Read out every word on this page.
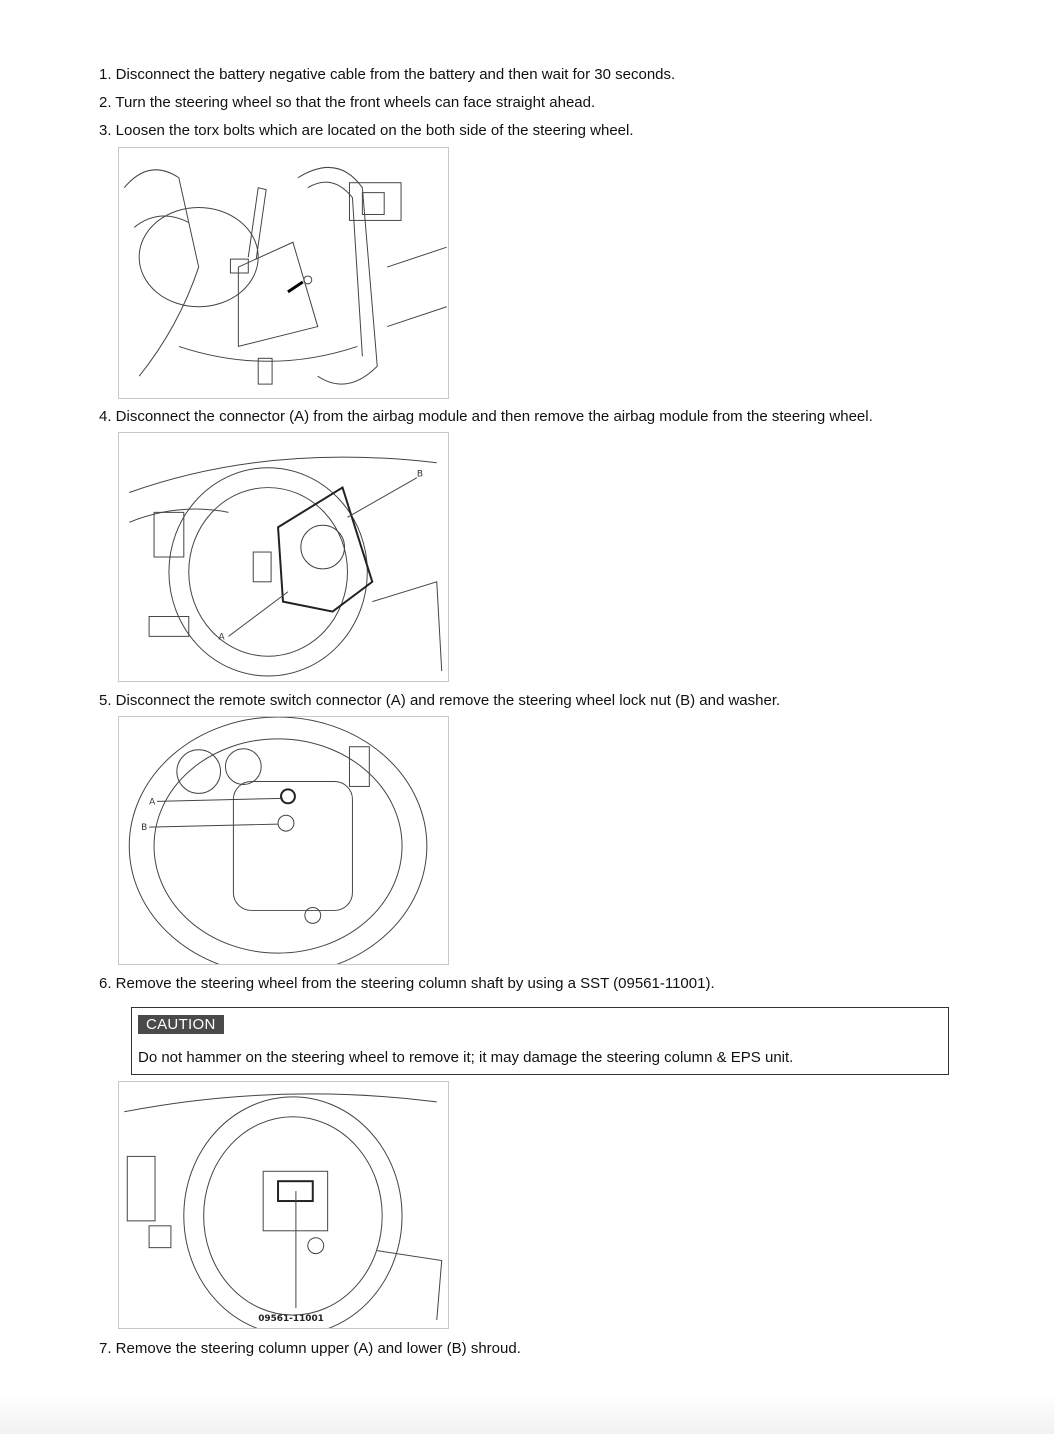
1. Disconnect the battery negative cable from the battery and then wait for 30 seconds.
2. Turn the steering wheel so that the front wheels can face straight ahead.
3. Loosen the torx bolts which are located on the both side of the steering wheel.
4. Disconnect the connector (A) from the airbag module and then remove the airbag module from the steering wheel.
B
A
5. Disconnect the remote switch connector (A) and remove the steering wheel lock nut (B) and washer.
A
B
6. Remove the steering wheel from the steering column shaft by using a SST (09561-11001).
CAUTION
Do not hammer on the steering wheel to remove it; it may damage the steering column & EPS unit.
09561-11001
7. Remove the steering column upper (A) and lower (B) shroud.
